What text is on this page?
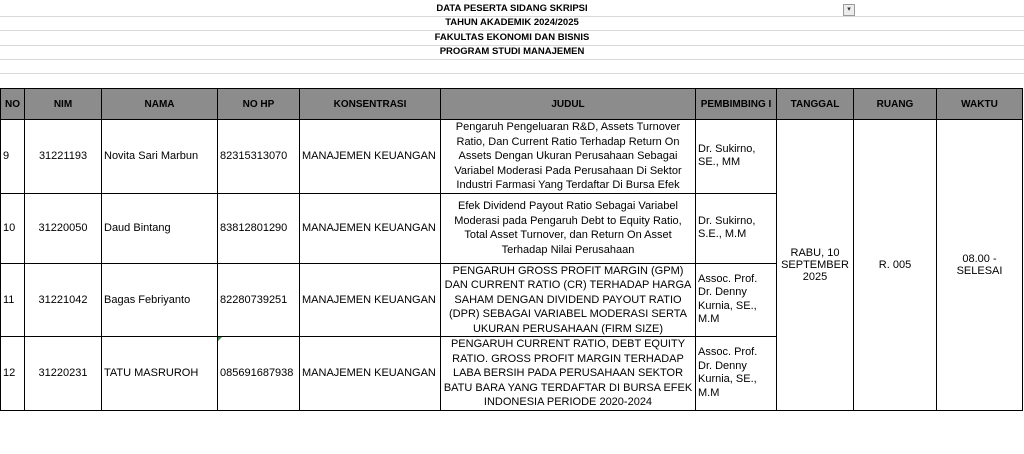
DATA PESERTA SIDANG SKRIPSI
TAHUN AKADEMIK 2024/2025
FAKULTAS EKONOMI DAN BISNIS
PROGRAM STUDI MANAJEMEN
▾
NO	NIM	NAMA	NO HP	KONSENTRASI	JUDUL	PEMBIMBING I	TANGGAL	RUANG	WAKTU
9	31221193	Novita Sari Marbun	82315313070	MANAJEMEN KEUANGAN	Pengaruh Pengeluaran R&D, Assets Turnover Ratio, Dan Current Ratio Terhadap Return On Assets Dengan Ukuran Perusahaan Sebagai Variabel Moderasi Pada Perusahaan Di Sektor Industri Farmasi Yang Terdaftar Di Bursa Efek	Dr. Sukirno, SE., MM	RABU, 10 SEPTEMBER 2025	R. 005	08.00 - SELESAI
10	31220050	Daud Bintang	83812801290	MANAJEMEN KEUANGAN	Efek Dividend Payout Ratio Sebagai Variabel Moderasi pada Pengaruh Debt to Equity Ratio, Total Asset Turnover, dan Return On Asset Terhadap Nilai Perusahaan	Dr. Sukirno, S.E., M.M			
11	31221042	Bagas Febriyanto	82280739251	MANAJEMEN KEUANGAN	PENGARUH GROSS PROFIT MARGIN (GPM) DAN CURRENT RATIO (CR) TERHADAP HARGA SAHAM DENGAN DIVIDEND PAYOUT RATIO (DPR) SEBAGAI VARIABEL MODERASI SERTA UKURAN PERUSAHAAN (FIRM SIZE)	Assoc. Prof. Dr. Denny Kurnia, SE., M.M			
12	31220231	TATU MASRUROH	085691687938	MANAJEMEN KEUANGAN	PENGARUH CURRENT RATIO, DEBT EQUITY RATIO. GROSS PROFIT MARGIN TERHADAP LABA BERSIH PADA PERUSAHAAN SEKTOR BATU BARA YANG TERDAFTAR DI BURSA EFEK INDONESIA PERIODE 2020-2024	Assoc. Prof. Dr. Denny Kurnia, SE., M.M			
